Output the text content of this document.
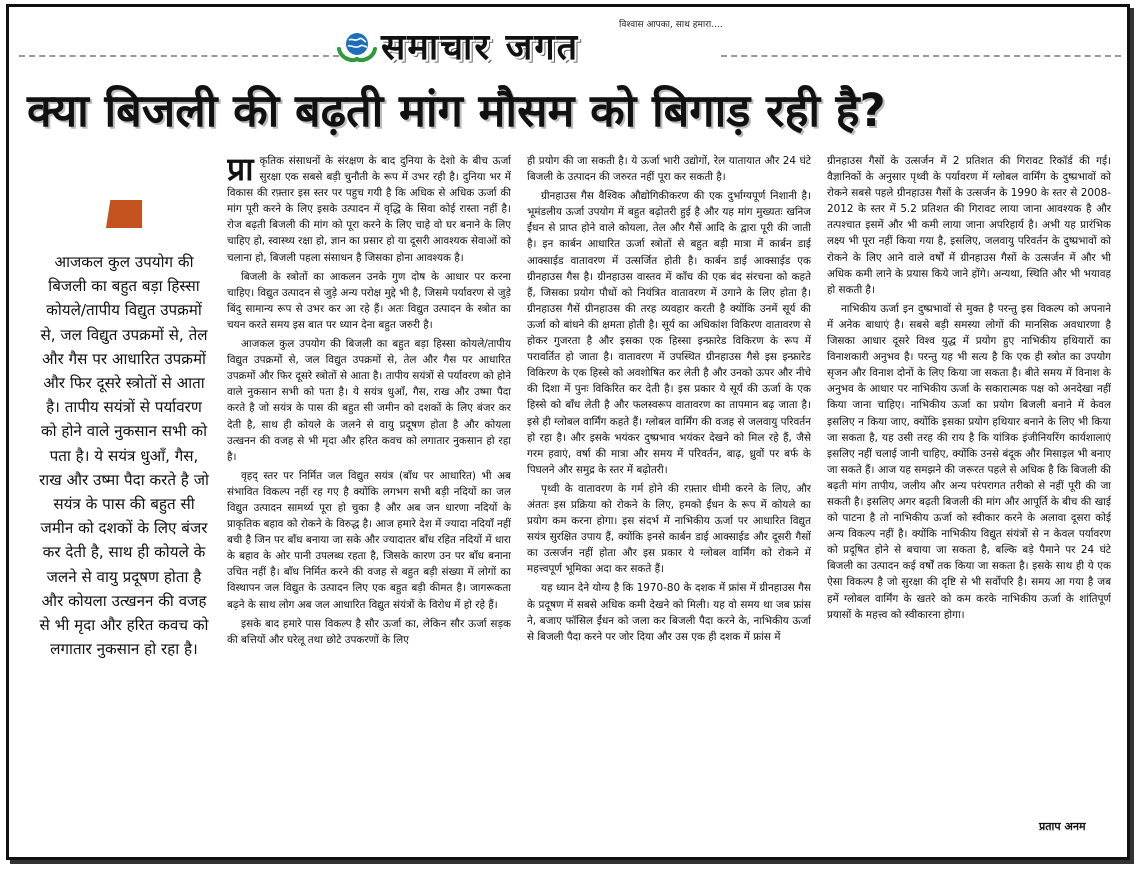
समाचार जगत
विश्वास आपका, साथ हमारा....
क्या बिजली की बढ़ती मांग मौसम को बिगाड़ रही है?
आजकल कुल उपयोग की बिजली का बहुत बड़ा हिस्सा कोयले/तापीय विद्युत उपक्रमों से, जल विद्युत उपक्रमों से, तेल और गैस पर आधारित उपक्रमों और फिर दूसरे स्त्रोतों से आता है। तापीय सयंत्रों से पर्यावरण को होने वाले नुकसान सभी को पता है। ये सयंत्र धुआँ, गैस, राख और उष्मा पैदा करते है जो सयंत्र के पास की बहुत सी जमीन को दशकों के लिए बंजर कर देती है, साथ ही कोयले के जलने से वायु प्रदूषण होता है और कोयला उत्खनन की वजह से भी मृदा और हरित कवच को लगातार नुकसान हो रहा है।

प्रा कृतिक संसाधनों के संरक्षण के बाद दुनिया के देशो के बीच ऊर्जा सुरक्षा एक सबसे बड़ी चुनौती के रूप में उभर रही है। दुनिया भर में विकास की रफ़्तार इस स्तर पर पहुच गयी है कि अधिक से अधिक ऊर्जा की मांग पूरी करने के लिए इसके उत्पादन में वृद्धि के सिवा कोई रास्ता नहीं है। रोज बढ़ती बिजली की मांग को पूरा करने के लिए चाहे वो घर बनाने के लिए चाहिए हो, स्वास्थ्य रक्षा हो, ज्ञान का प्रसार हो या दूसरी आवश्यक सेवाओं को चलाना हो, बिजली पहला संसाधन है जिसका होना आवश्यक है।

बिजली के स्त्रोतों का आकलन उनके गुण दोष के आधार पर करना चाहिए। विद्युत उत्पादन से जुड़े अन्य परोक्ष मुद्दे भी है, जिसमे पर्यावरण से जुड़े बिंदु सामान्य रूप से उभर कर आ रहे हैं। अतः विद्युत उत्पादन के स्त्रोत का चयन करते समय इस बात पर ध्यान देना बहुत जरुरी है।

आजकल कुल उपयोग की बिजली का बहुत बड़ा हिस्सा कोयले/तापीय विद्युत उपक्रमों से, जल विद्युत उपक्रमों से, तेल और गैस पर आधारित उपक्रमों और फिर दूसरे स्त्रोतों से आता है। तापीय सयंत्रों से पर्यावरण को होने वाले नुकसान सभी को पता है। ये सयंत्र धुआँ, गैस, राख और उष्मा पैदा करते है जो सयंत्र के पास की बहुत सी जमीन को दशकों के लिए बंजर कर देती है, साथ ही कोयले के जलने से वायु प्रदूषण होता है और कोयला उत्खनन की वजह से भी मृदा और हरित कवच को लगातार नुकसान हो रहा है।

वृहद् स्तर पर निर्मित जल विद्युत सयंत्र (बाँध पर आधारित) भी अब संभावित विकल्प नहीं रह गए है क्योंकि लगभग सभी बड़ी नदियों का जल विद्युत उत्पादन सामर्थ्य पूरा हो चुका है और अब जन धारणा नदियों के प्राकृतिक बहाव को रोकने के विरुद्ध है। आज हमारे देश में ज्यादा नदियाँ नहीं बची है जिन पर बाँध बनाया जा सके और ज्यादातर बाँध रहित नदियों में धारा के बहाव के ओर पानी उपलब्ध रहता है, जिसके कारण उन पर बाँध बनाना उचित नहीं है। बाँध निर्मित करने की वजह से बहुत बड़ी संख्या में लोगों का विस्थापन जल विद्युत के उत्पादन लिए एक बहुत बड़ी कीमत है। जागरूकता बढ़ने के साथ लोग अब जल आधारित विद्युत संयंत्रों के विरोध में हो रहे हैं।

इसके बाद हमारे पास विकल्प है सौर ऊर्जा का, लेकिन सौर ऊर्जा सड़क की बत्तियों और घरेलू तथा छोटे उपकरणों के लिए

ही प्रयोग की जा सकती है। ये ऊर्जा भारी उद्योगों, रेल यातायात और 24 घंटे बिजली के उत्पादन की जरुरत नहीं पूरा कर सकती है।

ग्रीनहाउस गैस वैश्विक औद्योगिकीकरण की एक दुर्भाग्यपूर्ण निशानी है। भूमंडलीय ऊर्जा उपयोग में बहुत बढ़ोतरी हुई है और यह मांग मुख्यतः खनिज ईंधन से प्राप्त होने वाले कोयला, तेल और गैसें आदि के द्वारा पूरी की जाती है। इन कार्बन आधारित ऊर्जा स्त्रोतों से बहुत बड़ी मात्रा में कार्बन डाई आक्साईड वातावरण में उत्सर्जित होती है। कार्बन डाई आक्साईड एक ग्रीनहाउस गैस है। ग्रीनहाउस वास्तव में काँच की एक बंद संरचना को कहते हैं, जिसका प्रयोग पौधों को नियंत्रित वातावरण में उगाने के लिए होता है। ग्रीनहाउस गैसें ग्रीनहाउस की तरह व्यवहार करती है क्योंकि उनमें सूर्य की ऊर्जा को बांधने की क्षमता होती है। सूर्य का अधिकांश विकिरण वातावरण से होकर गुजरता है और इसका एक हिस्सा इन्फ्रारेड विकिरण के रूप में परावर्तित हो जाता है। वातावरण में उपस्थित ग्रीनहाउस गैसे इस इन्फ्रारेड विकिरण के एक हिस्से को अवशोषित कर लेती है और उनको ऊपर और नीचे की दिशा में पुनः विकिरित कर देती है। इस प्रकार ये सूर्य की ऊर्जा के एक हिस्से को बाँध लेती है और फलस्वरूप वातावरण का तापमान बढ़ जाता है। इसे ही ग्लोबल वार्मिंग कहते हैं। ग्लोबल वार्मिंग की वजह से जलवायु परिवर्तन हो रहा है। और इसके भयंकर दुष्प्रभाव भयंकर देखने को मिल रहे हैं, जैसे गरम हवाएं, वर्षा की मात्रा और समय में परिवर्तन, बाढ़, ध्रुवों पर बर्फ के पिघलने और समुद्र के स्तर में बढ़ोतरी।

पृथ्वी के वातावरण के गर्म होने की रफ़्तार धीमी करने के लिए, और अंततः इस प्रक्रिया को रोकने के लिए, हमको ईंधन के रूप में कोयले का प्रयोग कम करना होगा। इस संदर्भ में नाभिकीय ऊर्जा पर आधारित विद्युत सयंत्र सुरक्षित उपाय हैं, क्योंकि इनसे कार्बन डाई आक्साईड और दूसरी गैसों का उत्सर्जन नहीं होता और इस प्रकार ये ग्लोबल वार्मिंग को रोकने में महत्त्वपूर्ण भूमिका अदा कर सकते हैं।

यह ध्यान देने योग्य है कि 1970-80 के दशक में फ्रांस में ग्रीनहाउस गैस के प्रदूषण में सबसे अधिक कमी देखने को मिली। यह वो समय था जब फ्रांस ने, बजाए फॉसिल ईंधन को जला कर बिजली पैदा करने के, नाभिकीय ऊर्जा से बिजली पैदा करने पर जोर दिया और उस एक ही दशक में फ्रांस में

ग्रीनहाउस गैसों के उत्सर्जन में 2 प्रतिशत की गिरावट रिकॉर्ड की गई। वैज्ञानिकों के अनुसार पृथ्वी के पर्यावरण में ग्लोबल वार्मिंग के दुष्प्रभावों को रोकने सबसे पहले ग्रीनहाउस गैसों के उत्सर्जन के 1990 के स्तर से 2008-2012 के स्तर में 5.2 प्रतिशत की गिरावट लाया जाना आवश्यक है और तत्पश्चात इसमें और भी कमी लाया जाना अपरिहार्य है। अभी यह प्रारंभिक लक्ष्य भी पूरा नहीं किया गया है, इसलिए, जलवायु परिवर्तन के दुष्प्रभावों को रोकने के लिए आने वाले वर्षों में ग्रीनहाउस गैसों के उत्सर्जन में और भी अधिक कमी लाने के प्रयास किये जाने होंगे। अन्यथा, स्थिति और भी भयावह हो सकती है।

नाभिकीय ऊर्जा इन दुष्प्रभावों से मुक्त है परन्तु इस विकल्प को अपनाने में अनेक बाधाएं है। सबसे बड़ी समस्या लोगों की मानसिक अवधारणा है जिसका आधार दूसरे विश्व युद्ध में प्रयोग हुए नाभिकीय हथियारों का विनाशकारी अनुभव है। परन्तु यह भी सत्य है कि एक ही स्त्रोत का उपयोग सृजन और विनाश दोनों के लिए किया जा सकता है। बीते समय में विनाश के अनुभव के आधार पर नाभिकीय ऊर्जा के सकारात्मक पक्ष को अनदेखा नहीं किया जाना चाहिए। नाभिकीय ऊर्जा का प्रयोग बिजली बनाने में केवल इसलिए न किया जाए, क्योंकि इसका प्रयोग हथियार बनाने के लिए भी किया जा सकता है, यह उसी तरह की राय है कि यांत्रिक इंजीनियरिंग कार्यशालाएं इसलिए नहीं चलाई जानी चाहिए, क्योंकि उनसे बंदूक और मिसाइल भी बनाए जा सकते हैं। आज यह समझने की जरूरत पहले से अधिक है कि बिजली की बढ़ती मांग तापीय, जलीय और अन्य परंपरागत तरीको से नहीं पूरी की जा सकती है। इसलिए अगर बढ़ती बिजली की मांग और आपूर्ति के बीच की खाई को पाटना है तो नाभिकीय ऊर्जा को स्वीकार करने के अलावा दूसरा कोई अन्य विकल्प नहीं है। क्योंकि नाभिकीय विद्युत संयंत्रों से न केवल पर्यावरण को प्रदूषित होने से बचाया जा सकता है, बल्कि बड़े पैमाने पर 24 घंटे बिजली का उत्पादन कई वर्षों तक किया जा सकता है। इसके साथ ही ये एक ऐसा विकल्प है जो सुरक्षा की दृष्टि से भी सर्वोपरि है। समय आ गया है जब हमें ग्लोबल वार्मिंग के खतरे को कम करके नाभिकीय ऊर्जा के शांतिपूर्ण प्रयासों के महत्त्व को स्वीकारना होगा।

प्रताप अनम
